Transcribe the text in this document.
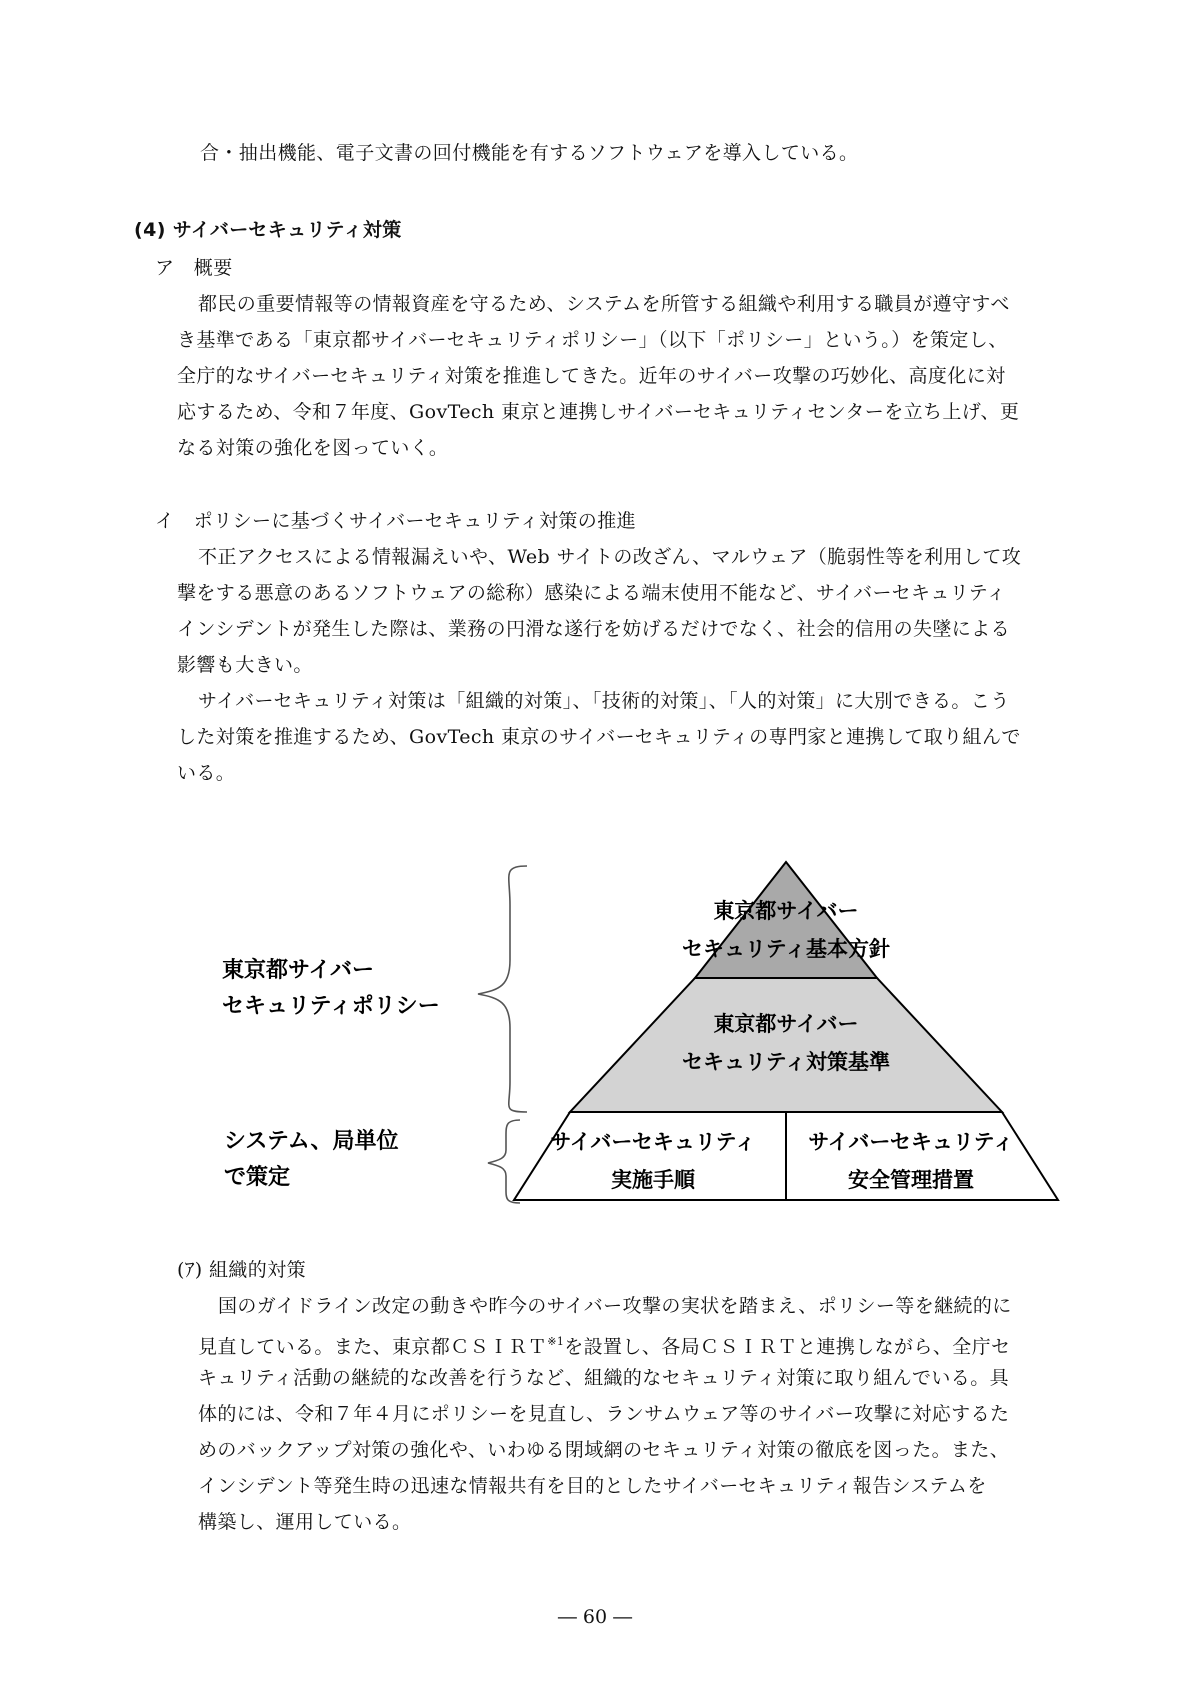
合・抽出機能、電子文書の回付機能を有するソフトウェアを導入している。

(4) サイバーセキュリティ対策

ア　概要

都民の重要情報等の情報資産を守るため、システムを所管する組織や利用する職員が遵守すべ

き基準である「東京都サイバーセキュリティポリシー」（以下「ポリシー」という。）を策定し、

全庁的なサイバーセキュリティ対策を推進してきた。近年のサイバー攻撃の巧妙化、高度化に対

応するため、令和７年度、GovTech 東京と連携しサイバーセキュリティセンターを立ち上げ、更

なる対策の強化を図っていく。

イ　ポリシーに基づくサイバーセキュリティ対策の推進

不正アクセスによる情報漏えいや、Web サイトの改ざん、マルウェア（脆弱性等を利用して攻

撃をする悪意のあるソフトウェアの総称）感染による端末使用不能など、サイバーセキュリティ

インシデントが発生した際は、業務の円滑な遂行を妨げるだけでなく、社会的信用の失墜による

影響も大きい。

サイバーセキュリティ対策は「組織的対策」、「技術的対策」、「人的対策」に大別できる。こう

した対策を推進するため、GovTech 東京のサイバーセキュリティの専門家と連携して取り組んで

いる。

東京都サイバー

セキュリティポリシー

システム、局単位

で策定

東京都サイバー

セキュリティ基本方針

東京都サイバー

セキュリティ対策基準

サイバーセキュリティ

実施手順

サイバーセキュリティ

安全管理措置

(ｱ) 組織的対策

国のガイドライン改定の動きや昨今のサイバー攻撃の実状を踏まえ、ポリシー等を継続的に

見直している。また、東京都ＣＳＩＲＴ$^{※1}$を設置し、各局ＣＳＩＲＴと連携しながら、全庁セ

キュリティ活動の継続的な改善を行うなど、組織的なセキュリティ対策に取り組んでいる。具

体的には、令和７年４月にポリシーを見直し、ランサムウェア等のサイバー攻撃に対応するた

めのバックアップ対策の強化や、いわゆる閉域網のセキュリティ対策の徹底を図った。また、

インシデント等発生時の迅速な情報共有を目的としたサイバーセキュリティ報告システムを

構築し、運用している。

― 60 ―
